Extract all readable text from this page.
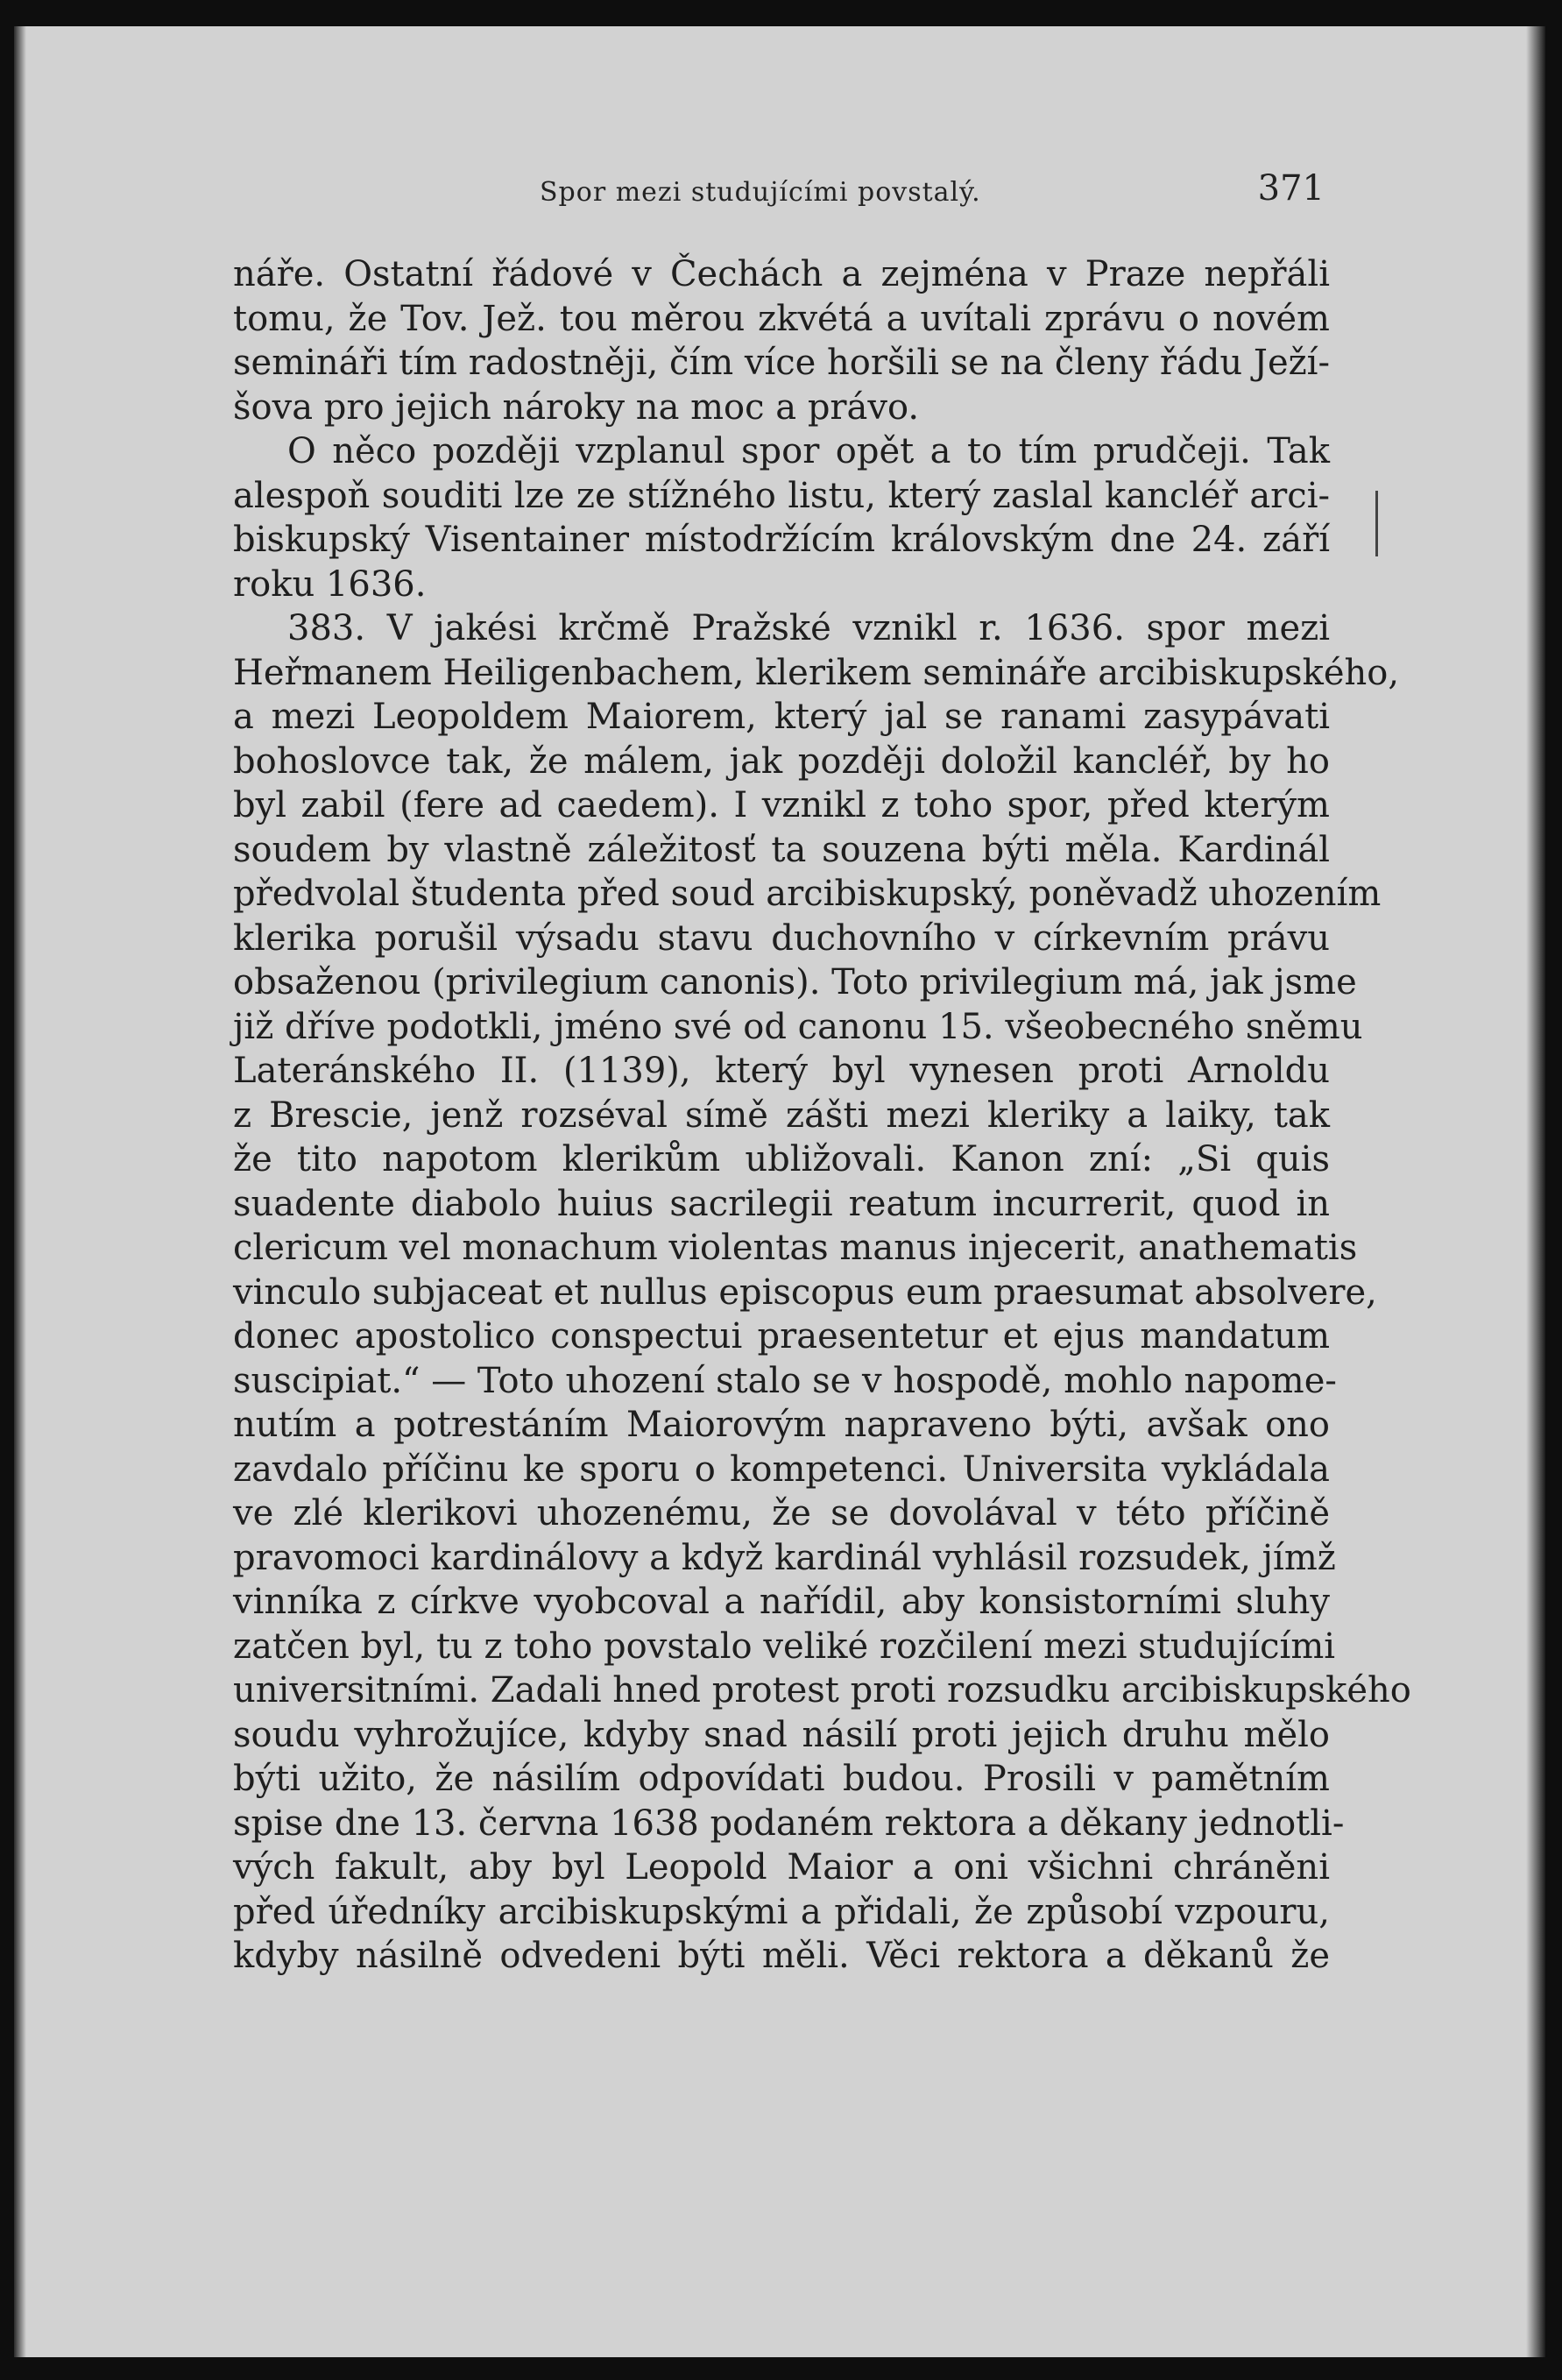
Spor mezi studujícími povstalý.	371
náře. Ostatní řádové v Čechách a zejména v Praze nepřáli
tomu, že Tov. Jež. tou měrou zkvétá a uvítali zprávu o novém
semináři tím radostněji, čím více horšili se na členy řádu Ježí-
šova pro jejich nároky na moc a právo.
O něco později vzplanul spor opět a to tím prudčeji. Tak
alespoň souditi lze ze stížného listu, který zaslal kancléř arci-
biskupský Visentainer místodržícím královským dne 24. září
roku 1636.
383. V jakési krčmě Pražské vznikl r. 1636. spor mezi
Heřmanem Heiligenbachem, klerikem semináře arcibiskupského,
a mezi Leopoldem Maiorem, který jal se ranami zasypávati
bohoslovce tak, že málem, jak později doložil kancléř, by ho
byl zabil (fere ad caedem). I vznikl z toho spor, před kterým
soudem by vlastně záležitosť ta souzena býti měla. Kardinál
předvolal študenta před soud arcibiskupský, poněvadž uhozením
klerika porušil výsadu stavu duchovního v církevním právu
obsaženou (privilegium canonis). Toto privilegium má, jak jsme
již dříve podotkli, jméno své od canonu 15. všeobecného sněmu
Lateránského II. (1139), který byl vynesen proti Arnoldu
z Brescie, jenž rozséval símě zášti mezi kleriky a laiky, tak
že tito napotom klerikům ubližovali. Kanon zní: „Si quis
suadente diabolo huius sacrilegii reatum incurrerit, quod in
clericum vel monachum violentas manus injecerit, anathematis
vinculo subjaceat et nullus episcopus eum praesumat absolvere,
donec apostolico conspectui praesentetur et ejus mandatum
suscipiat.“ — Toto uhození stalo se v hospodě, mohlo napome-
nutím a potrestáním Maiorovým napraveno býti, avšak ono
zavdalo příčinu ke sporu o kompetenci. Universita vykládala
ve zlé klerikovi uhozenému, že se dovolával v této příčině
pravomoci kardinálovy a když kardinál vyhlásil rozsudek, jímž
vinníka z církve vyobcoval a nařídil, aby konsistorními sluhy
zatčen byl, tu z toho povstalo veliké rozčilení mezi studujícími
universitními. Zadali hned protest proti rozsudku arcibiskupského
soudu vyhrožujíce, kdyby snad násilí proti jejich druhu mělo
býti užito, že násilím odpovídati budou. Prosili v pamětním
spise dne 13. června 1638 podaném rektora a děkany jednotli-
vých fakult, aby byl Leopold Maior a oni všichni chráněni
před úředníky arcibiskupskými a přidali, že způsobí vzpouru,
kdyby násilně odvedeni býti měli. Věci rektora a děkanů že
